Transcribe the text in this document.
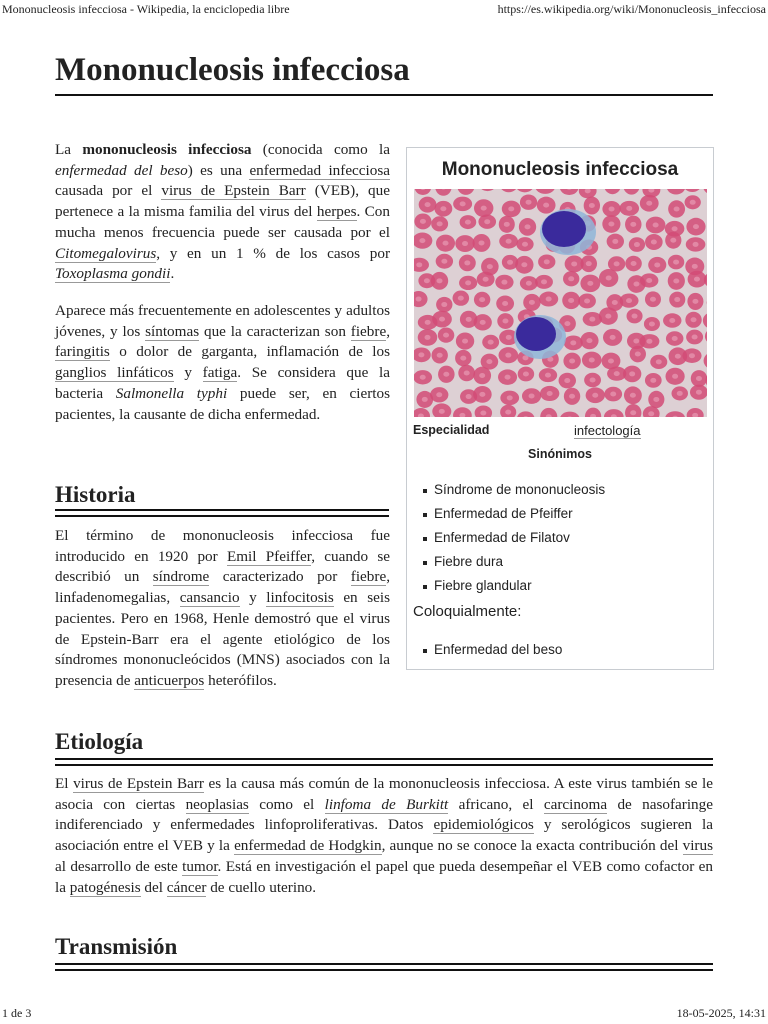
Mononucleosis infecciosa - Wikipedia, la enciclopedia libre	https://es.wikipedia.org/wiki/Mononucleosis_infecciosa
Mononucleosis infecciosa

La mononucleosis infecciosa (conocida como la enfermedad del beso) es una enfermedad infecciosa causada por el virus de Epstein Barr (VEB), que pertenece a la misma familia del virus del herpes. Con mucha menos frecuencia puede ser causada por el Citomegalovirus, y en un 1 % de los casos por Toxoplasma gondii.

Aparece más frecuentemente en adolescentes y adultos jóvenes, y los síntomas que la caracterizan son fiebre, faringitis o dolor de garganta, inflamación de los ganglios linfáticos y fatiga. Se considera que la bacteria Salmonella typhi puede ser, en ciertos pacientes, la causante de dicha enfermedad.

Historia

El término de mononucleosis infecciosa fue introducido en 1920 por Emil Pfeiffer, cuando se describió un síndrome caracterizado por fiebre, linfadenomegalias, cansancio y linfocitosis en seis pacientes. Pero en 1968, Henle demostró que el virus de Epstein-Barr era el agente etiológico de los síndromes mononucleócidos (MNS) asociados con la presencia de anticuerpos heterófilos.

Mononucleosis infecciosa
Especialidad	infectología
Sinónimos
Síndrome de mononucleosis
Enfermedad de Pfeiffer
Enfermedad de Filatov
Fiebre dura
Fiebre glandular
Coloquialmente:
Enfermedad del beso
Etiología

El virus de Epstein Barr es la causa más común de la mononucleosis infecciosa. A este virus también se le asocia con ciertas neoplasias como el linfoma de Burkitt africano, el carcinoma de nasofaringe indiferenciado y enfermedades linfoproliferativas. Datos epidemiológicos y serológicos sugieren la asociación entre el VEB y la enfermedad de Hodgkin, aunque no se conoce la exacta contribución del virus al desarrollo de este tumor. Está en investigación el papel que pueda desempeñar el VEB como cofactor en la patogénesis del cáncer de cuello uterino.

Transmisión
1 de 3	18-05-2025, 14:31
